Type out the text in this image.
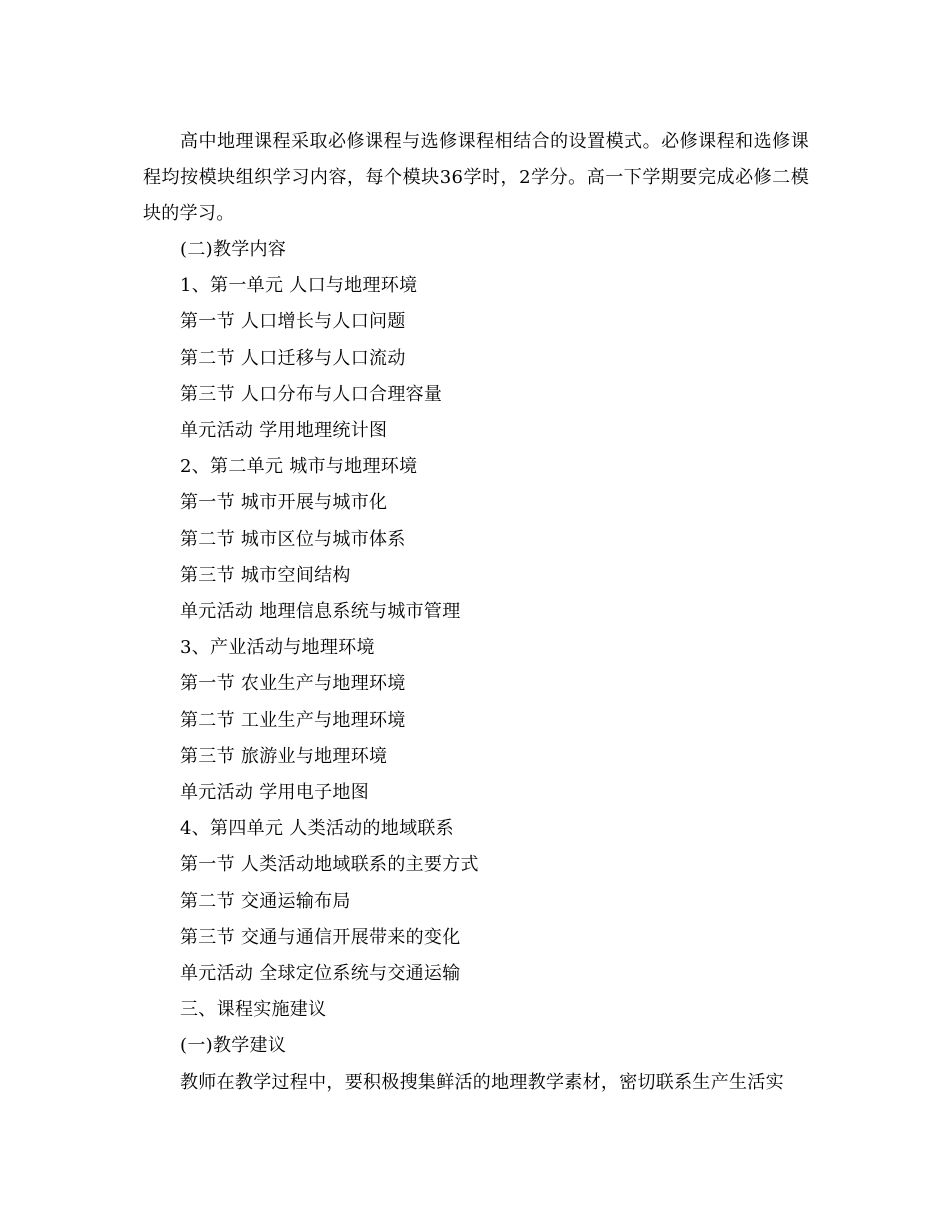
高中地理课程采取必修课程与选修课程相结合的设置模式。必修课程和选修课程均按模块组织学习内容，每个模块36学时，2学分。高一下学期要完成必修二模块的学习。

(二)教学内容

1、第一单元 人口与地理环境

第一节 人口增长与人口问题

第二节 人口迁移与人口流动

第三节 人口分布与人口合理容量

单元活动 学用地理统计图

2、第二单元 城市与地理环境

第一节 城市开展与城市化

第二节 城市区位与城市体系

第三节 城市空间结构

单元活动 地理信息系统与城市管理

3、产业活动与地理环境

第一节 农业生产与地理环境

第二节 工业生产与地理环境

第三节 旅游业与地理环境

单元活动 学用电子地图

4、第四单元 人类活动的地域联系

第一节 人类活动地域联系的主要方式

第二节 交通运输布局

第三节 交通与通信开展带来的变化

单元活动 全球定位系统与交通运输

三、课程实施建议

(一)教学建议

教师在教学过程中，要积极搜集鲜活的地理教学素材，密切联系生产生活实
